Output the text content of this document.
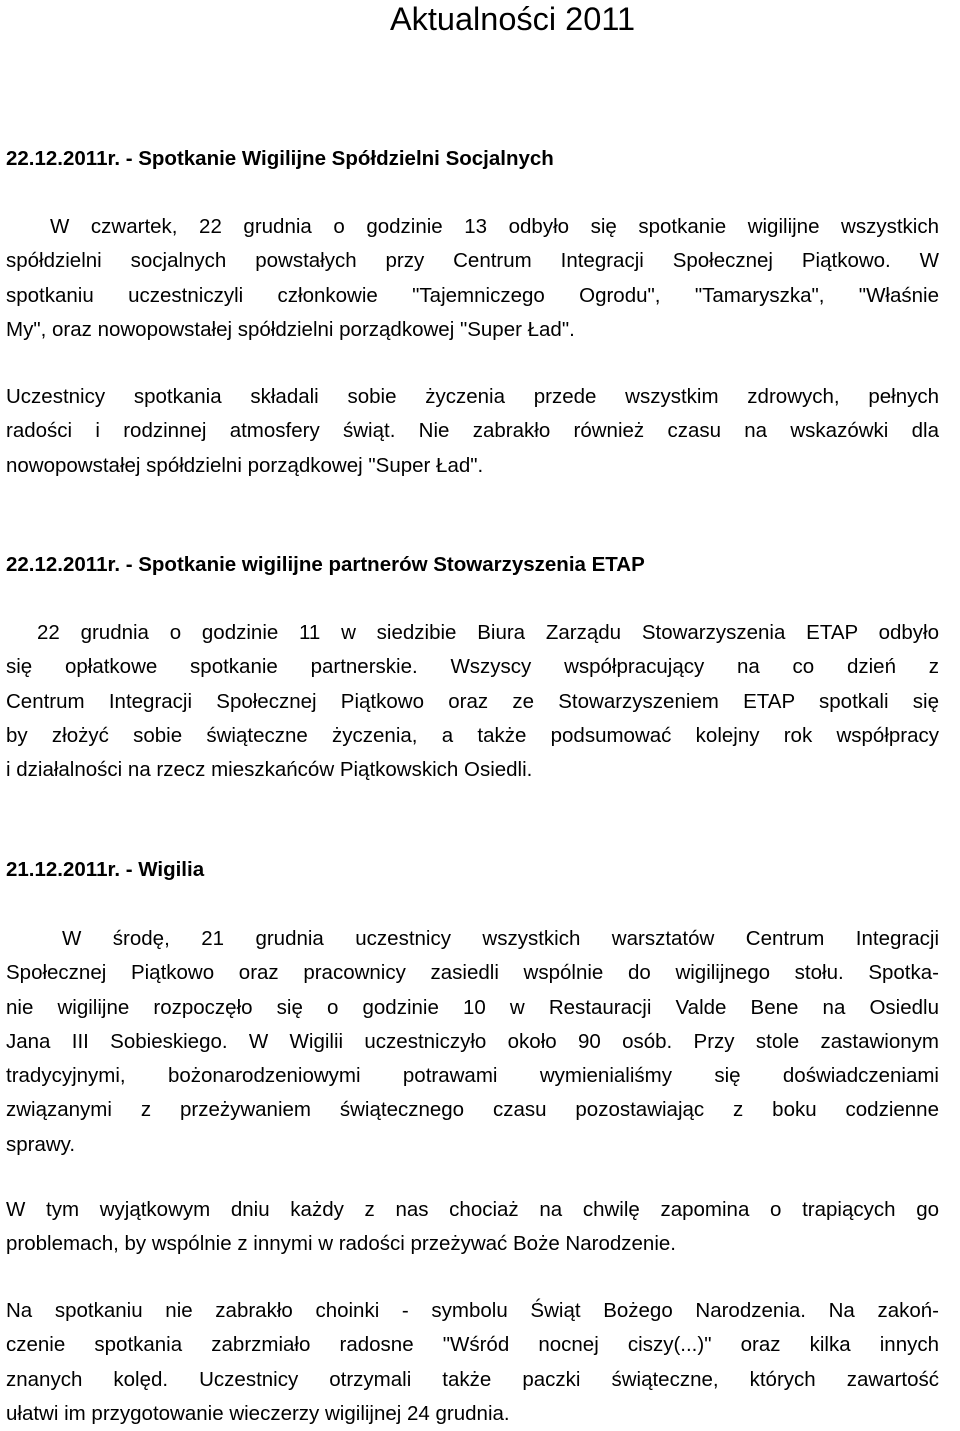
Aktualności 2011
22.12.2011r. - Spotkanie Wigilijne Spółdzielni Socjalnych
W czwartek, 22 grudnia o godzinie 13 odbyło się spotkanie wigilijne wszystkich
spółdzielni socjalnych powstałych przy Centrum Integracji Społecznej Piątkowo. W
spotkaniu uczestniczyli członkowie "Tajemniczego Ogrodu", "Tamaryszka", "Właśnie
My", oraz nowopowstałej spółdzielni porządkowej "Super Ład".
Uczestnicy spotkania składali sobie życzenia przede wszystkim zdrowych, pełnych
radości i rodzinnej atmosfery świąt. Nie zabrakło również czasu na wskazówki dla
nowopowstałej spółdzielni porządkowej "Super Ład".
22.12.2011r. - Spotkanie wigilijne partnerów Stowarzyszenia ETAP
22 grudnia o godzinie 11 w siedzibie Biura Zarządu Stowarzyszenia ETAP odbyło
się opłatkowe spotkanie partnerskie. Wszyscy współpracujący na co dzień z
Centrum Integracji Społecznej Piątkowo oraz ze Stowarzyszeniem ETAP spotkali się
by złożyć sobie świąteczne życzenia, a także podsumować kolejny rok współpracy
i działalności na rzecz mieszkańców Piątkowskich Osiedli.
21.12.2011r. - Wigilia
W środę, 21 grudnia uczestnicy wszystkich warsztatów Centrum Integracji
Społecznej Piątkowo oraz pracownicy zasiedli wspólnie do wigilijnego stołu. Spotka-
nie wigilijne rozpoczęło się o godzinie 10 w Restauracji Valde Bene na Osiedlu
Jana III Sobieskiego. W Wigilii uczestniczyło około 90 osób. Przy stole zastawionym
tradycyjnymi, bożonarodzeniowymi potrawami wymienialiśmy się doświadczeniami
związanymi z przeżywaniem świątecznego czasu pozostawiając z boku codzienne
sprawy.
W tym wyjątkowym dniu każdy z nas chociaż na chwilę zapomina o trapiących go
problemach, by wspólnie z innymi w radości przeżywać Boże Narodzenie.
Na spotkaniu nie zabrakło choinki - symbolu Świąt Bożego Narodzenia. Na zakoń-
czenie spotkania zabrzmiało radosne "Wśród nocnej ciszy(...)" oraz kilka innych
znanych kolęd. Uczestnicy otrzymali także paczki świąteczne, których zawartość
ułatwi im przygotowanie wieczerzy wigilijnej 24 grudnia.
